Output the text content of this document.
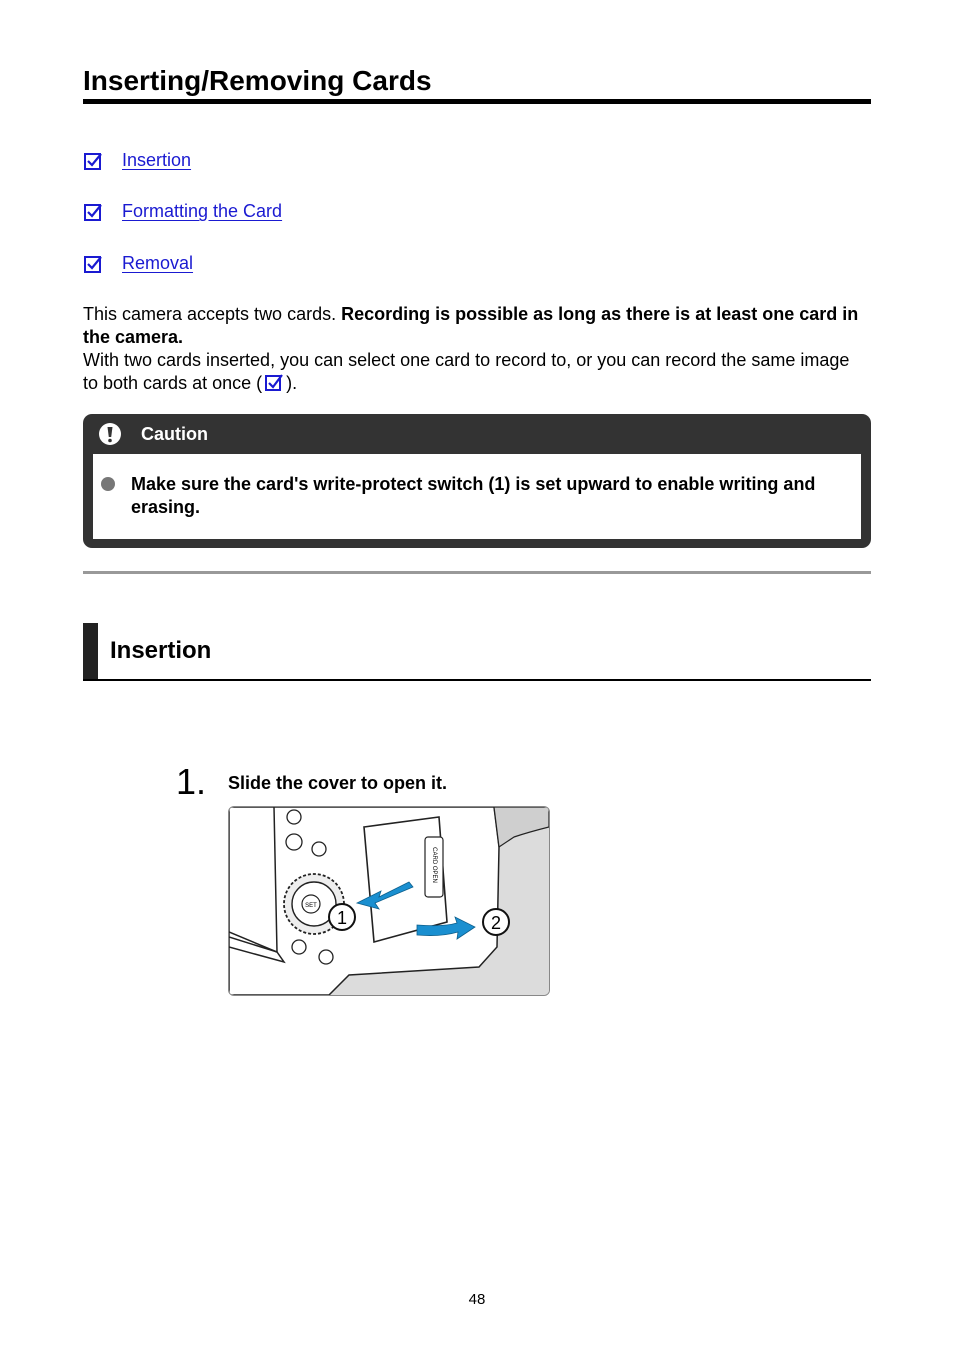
Inserting/Removing Cards
Insertion
Formatting the Card
Removal

This camera accepts two cards. Recording is possible as long as there is at least one card in the camera.

With two cards inserted, you can select one card to record to, or you can record the same image to both cards at once ( ).

Caution
Make sure the card's write-protect switch (1) is set upward to enable writing and erasing.
Insertion
1. Slide the cover to open it.
SET
CARD OPEN
1	2
48
